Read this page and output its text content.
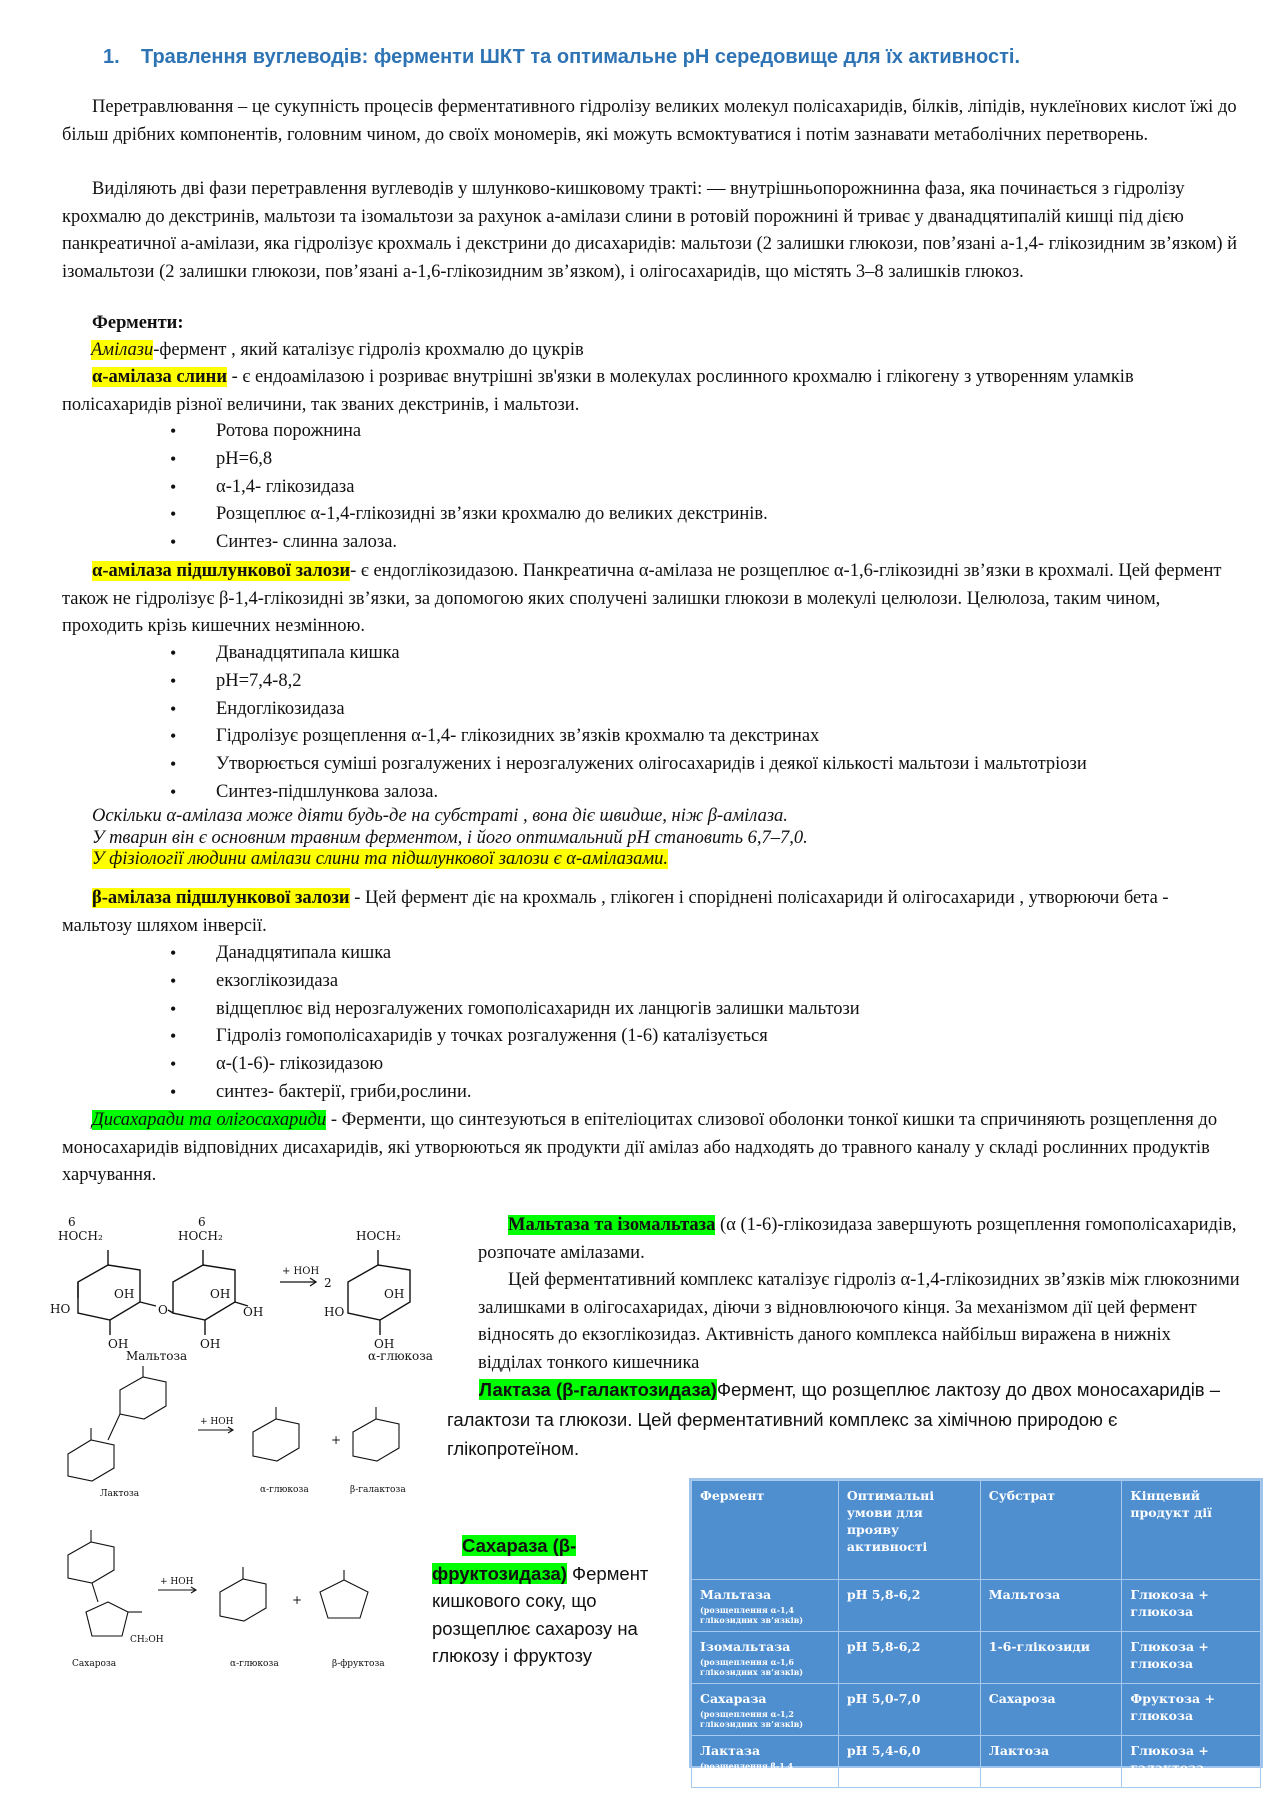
1. Травлення вуглеводів: ферменти ШКТ та оптимальне рН середовище для їх активності.
Перетравлювання – це сукупність процесів ферментативного гідролізу великих молекул полісахаридів, білків, ліпідів, нуклеїнових кислот їжі до більш дрібних компонентів, головним чином, до своїх мономерів, які можуть всмоктуватися і потім зазнавати метаболічних перетворень.
Виділяють дві фази перетравлення вуглеводів у шлунково-кишковому тракті: — внутрішньопорожнинна фаза, яка починається з гідролізу крохмалю до декстринів, мальтози та ізомальтози за рахунок а-амілази слини в ротовій порожнині й триває у дванадцятипалій кишці під дією панкреатичної а-амілази, яка гідролізує крохмаль і декстрини до дисахаридів: мальтози (2 залишки глюкози, пов’язані а-1,4- глікозидним зв’язком) й ізомальтози (2 залишки глюкози, пов’язані а-1,6-глікозидним зв’язком), і олігосахаридів, що містять 3–8 залишків глюкоз.
Ферменти:
Амілази-фермент , який каталізує гідроліз крохмалю до цукрів
α-амілаза слини - є ендоамілазою і розриває внутрішні зв'язки в молекулах рослинного крохмалю і глікогену з утворенням уламків полісахаридів різної величини, так званих декстринів, і мальтози.
• Ротова порожнина
• pH=6,8
• α-1,4- глікозидаза
• Розщеплює α-1,4-глікозидні зв’язки крохмалю до великих декстринів.
• Синтез- слинна залоза.
α-амілаза підшлункової залози- є ендоглікозидазою. Панкреатична α-амілаза не розщеплює α-1,6-глікозидні зв’язки в крохмалі. Цей фермент також не гідролізує β-1,4-глікозидні зв’язки, за допомогою яких сполучені залишки глюкози в молекулі целюлози. Целюлоза, таким чином, проходить крізь кишечних незмінною.
• Дванадцятипала кишка
• pH=7,4-8,2
• Ендоглікозидаза
• Гідролізує розщеплення α-1,4- глікозидних зв’язків крохмалю та декстринах
• Утворюється суміші розгалужених і нерозгалужених олігосахаридів і деякої кількості мальтози і мальтотріози
• Синтез-підшлункова залоза.
Оскільки α-амілаза може діяти будь-де на субстраті , вона діє швидше, ніж β-амілаза.
У тварин він є основним травним ферментом, і його оптимальний pH становить 6,7–7,0.
У фізіології людини амілази слини та підшлункової залози є α-амілазами.
β-амілаза підшлункової залози - Цей фермент діє на крохмаль , глікоген і споріднені полісахариди й олігосахариди , утворюючи бета - мальтозу шляхом інверсії.
• Данадцятипала кишка
• екзоглікозидаза
• відщеплює від нерозгалужених гомополісахаридн их ланцюгів залишки мальтози
• Гідроліз гомополісахаридів у точках розгалуження (1-6) каталізується
• α-(1-6)- глікозидазою
• синтез- бактерії, гриби,рослини.
Дисахаради та олігосахариди - Ферменти, що синтезуються в епітеліоцитах слизової оболонки тонкої кишки та спричиняють розщеплення до моносахаридів відповідних дисахаридів, які утворюються як продукти дії амілаз або надходять до травного каналу у складі рослинних продуктів харчування.
Мальтаза та ізомальтаза (α (1-6)-глікозидаза завершують розщеплення гомополісахаридів, розпочате амілазами.
Цей ферментативний комплекс каталізує гідроліз α-1,4-глікозидних зв’язків між глюкозними залишками в олігосахаридах, діючи з відновлюючого кінця. За механізмом дії цей фермент відносять до екзоглікозидаз. Активність даного комплекса найбільш виражена в нижніх відділах тонкого кишечника
Лактаза (β-галактозидаза)Фермент, що розщеплює лактозу до двох моносахаридів – галактози та глюкози. Цей ферментативний комплекс за хімічною природою є глікопротеїном.
Сахараза (β-
фруктозидаза) Фермент кишкового соку, що розщеплює сахарозу на глюкозу і фруктозу
6
HOCH₂
OH
HO
OH
O
6
HOCH₂
OH
OH
OH
Мальтоза
+ НОН
2
HOCH₂
OH
HO
OH
α-глюкоза
Лактоза
+ НОН
α-глюкоза
+
β-галактоза
CH₂OH
Сахароза
+ НОН
α-глюкоза
+
β-фруктоза
Фермент	Оптимальні умови для прояву активності	Субстрат	Кінцевий продукт дії
Мальтаза
(розщеплення α-1,4 глікозидних зв’язків)	pH 5,8-6,2	Мальтоза	Глюкоза + глюкоза
Ізомальтаза
(розщеплення α-1,6 глікозидних зв’язків)	pH 5,8-6,2	1-6-глікозиди	Глюкоза + глюкоза
Сахараза
(розщеплення α-1,2 глікозидних зв’язків)	pH 5,0-7,0	Сахароза	Фруктоза + глюкоза
Лактаза
(розщеплення β-1,4 глікозидних зв’язків)	pH 5,4-6,0	Лактоза	Глюкоза + галактоза
